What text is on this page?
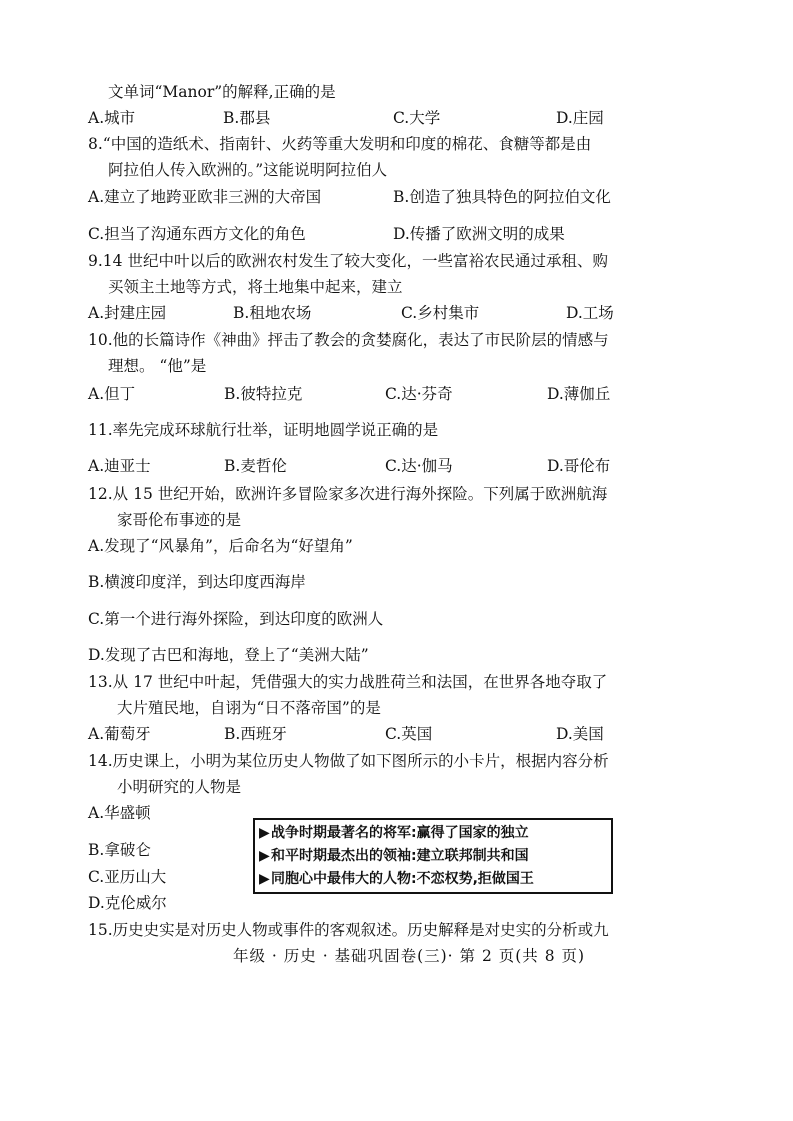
文单词“Manor”的解释,正确的是
A.城市	B.郡县	C.大学	D.庄园
8.“中国的造纸术、指南针、火药等重大发明和印度的棉花、食糖等都是由
阿拉伯人传入欧洲的。”这能说明阿拉伯人
A.建立了地跨亚欧非三洲的大帝国	B.创造了独具特色的阿拉伯文化
C.担当了沟通东西方文化的角色	D.传播了欧洲文明的成果
9.14 世纪中叶以后的欧洲农村发生了较大变化，一些富裕农民通过承租、购
买领主土地等方式，将土地集中起来，建立
A.封建庄园	B.租地农场	C.乡村集市	D.工场
10.他的长篇诗作《神曲》抨击了教会的贪婪腐化，表达了市民阶层的情感与
理想。 “他”是
A.但丁	B.彼特拉克	C.达·芬奇	D.薄伽丘
11.率先完成环球航行壮举，证明地圆学说正确的是
A.迪亚士	B.麦哲伦	C.达·伽马	D.哥伦布
12.从 15 世纪开始，欧洲许多冒险家多次进行海外探险。下列属于欧洲航海
家哥伦布事迹的是
A.发现了“风暴角”，后命名为“好望角”
B.横渡印度洋，到达印度西海岸
C.第一个进行海外探险，到达印度的欧洲人
D.发现了古巴和海地，登上了“美洲大陆”
13.从 17 世纪中叶起，凭借强大的实力战胜荷兰和法国，在世界各地夺取了
大片殖民地，自诩为“日不落帝国”的是
A.葡萄牙	B.西班牙	C.英国	D.美国
14.历史课上，小明为某位历史人物做了如下图所示的小卡片，根据内容分析
小明研究的人物是
A.华盛顿
B.拿破仑
C.亚历山大
D.克伦威尔
▶战争时期最著名的将军:赢得了国家的独立
▶和平时期最杰出的领袖:建立联邦制共和国
▶同胞心中最伟大的人物:不恋权势,拒做国王
15.历史史实是对历史人物或事件的客观叙述。历史解释是对史实的分析或九
年级 · 历史 · 基础巩固卷(三)· 第 2 页(共 8 页)
